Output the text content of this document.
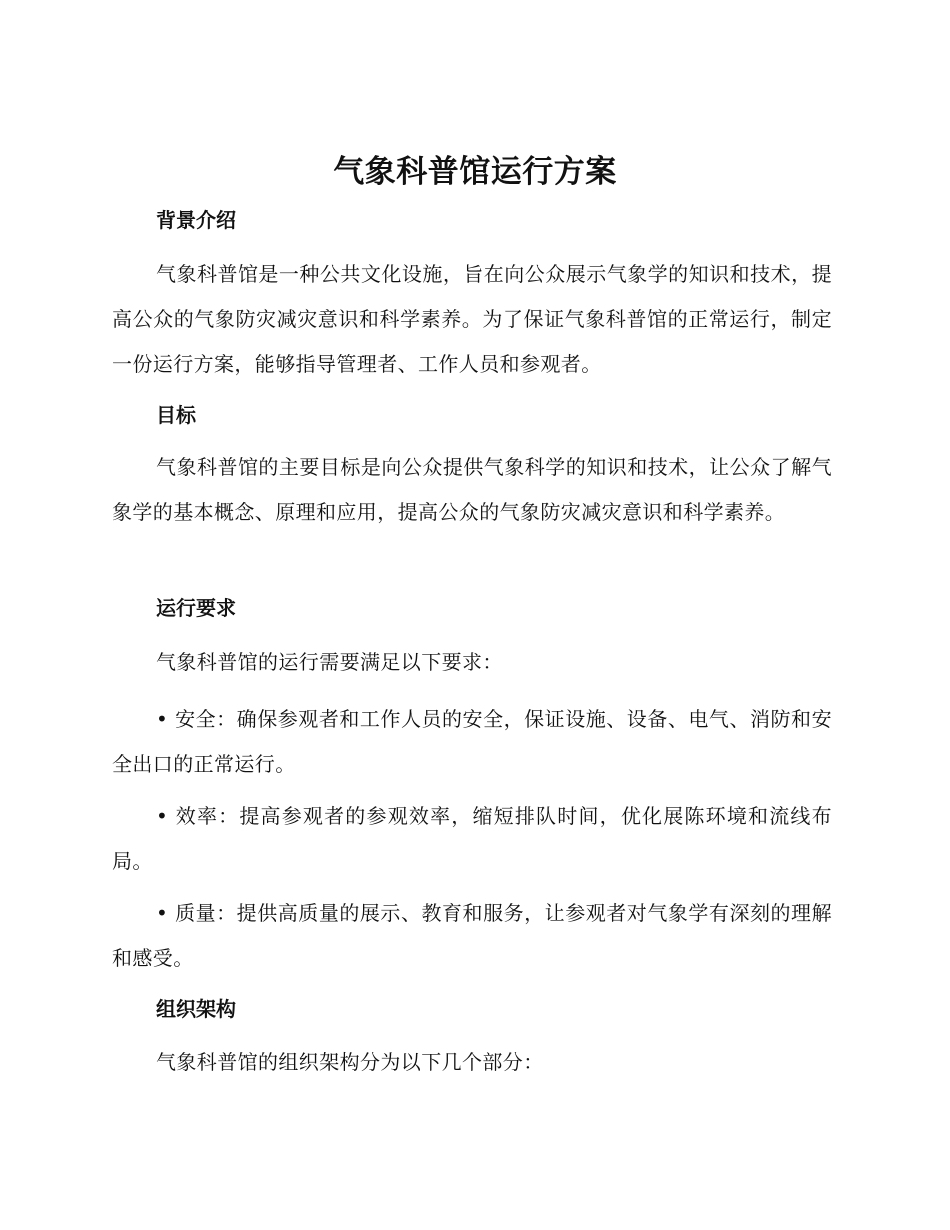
气象科普馆运行方案
背景介绍
气象科普馆是一种公共文化设施，旨在向公众展示气象学的知识和技术，提高公众的气象防灾减灾意识和科学素养。为了保证气象科普馆的正常运行，制定一份运行方案，能够指导管理者、工作人员和参观者。
目标
气象科普馆的主要目标是向公众提供气象科学的知识和技术，让公众了解气象学的基本概念、原理和应用，提高公众的气象防灾减灾意识和科学素养。
运行要求
气象科普馆的运行需要满足以下要求：
• 安全：确保参观者和工作人员的安全，保证设施、设备、电气、消防和安全出口的正常运行。
• 效率：提高参观者的参观效率，缩短排队时间，优化展陈环境和流线布局。
• 质量：提供高质量的展示、教育和服务，让参观者对气象学有深刻的理解和感受。
组织架构
气象科普馆的组织架构分为以下几个部分：
